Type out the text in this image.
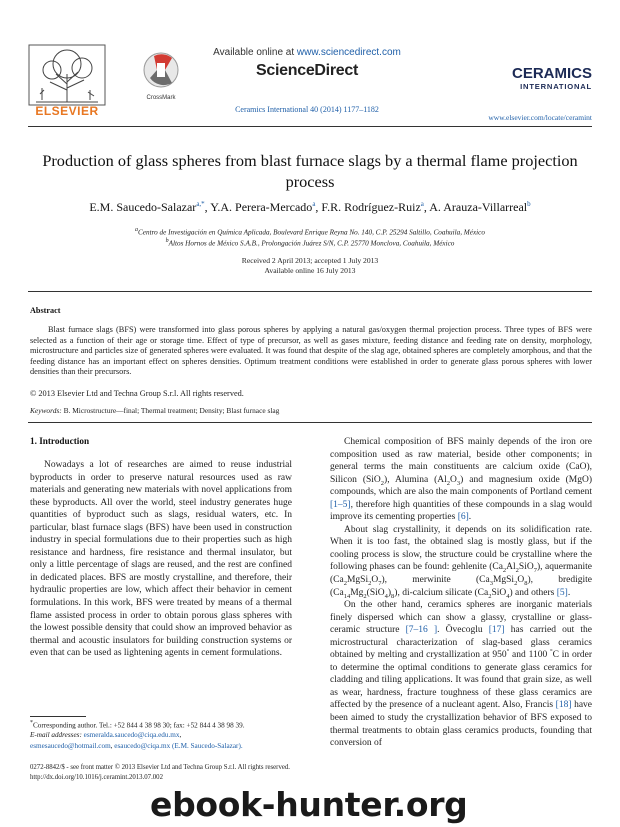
ELSEVIER
CrossMark
Available online at www.sciencedirect.com
ScienceDirect
Ceramics International 40 (2014) 1177–1182
CERAMICS
INTERNATIONAL
www.elsevier.com/locate/ceramint
Production of glass spheres from blast furnace slags by a thermal flame projection process
E.M. Saucedo-Salazar$^{a,*}$, Y.A. Perera-Mercado$^a$, F.R. Rodríguez-Ruiz$^a$, A. Arauza-Villarreal$^b$
$^a$Centro de Investigación en Química Aplicada, Boulevard Enrique Reyna No. 140, C.P. 25294 Saltillo, Coahuila, México
$^b$Altos Hornos de México S.A.B., Prolongación Juárez S/N, C.P. 25770 Monclova, Coahuila, México
Received 2 April 2013; accepted 1 July 2013
Available online 16 July 2013
Abstract
Blast furnace slags (BFS) were transformed into glass porous spheres by applying a natural gas/oxygen thermal projection process. Three types of BFS were selected as a function of their age or storage time. Effect of type of precursor, as well as gases mixture, feeding distance and feeding rate on density, morphology, microstructure and particles size of generated spheres were evaluated. It was found that despite of the slag age, obtained spheres are completely amorphous, and that the feeding distance has an important effect on spheres densities. Optimum treatment conditions were established in order to generate glass porous spheres with lower densities than their precursors.
© 2013 Elsevier Ltd and Techna Group S.r.l. All rights reserved.
Keywords: B. Microstructure—final; Thermal treatment; Density; Blast furnace slag
1. Introduction

Nowadays a lot of researches are aimed to reuse industrial byproducts in order to preserve natural resources used as raw materials and generating new materials with novel applications from these byproducts. All over the world, steel industry generates huge quantities of byproduct such as slags, residual waters, etc. In particular, blast furnace slags (BFS) have been used in construction industry in special formulations due to their properties such as high resistance and hardness, fire resistance and thermal insulator, but only a little percentage of slags are reused, and the rest are confined in dedicated places. BFS are mostly crystalline, and therefore, their hydraulic properties are low, which affect their behavior in cement formulations. In this work, BFS were treated by means of a thermal flame assisted process in order to obtain porous glass spheres with the lowest possible density that could show an improved behavior as thermal and acoustic insulators for building construction systems or even that can be used as lightening agents in cement formulations.

Chemical composition of BFS mainly depends of the iron ore composition used as raw material, beside other components; in general terms the main constituents are calcium oxide (CaO), Silicon (SiO$_2$), Alumina $(Al_2O_3)$ and magnesium oxide (MgO) compounds, which are also the main components of Portland cement [1–5], therefore high quantities of these compounds in a slag would improve its cementing properties [6].

About slag crystallinity, it depends on its solidification rate. When it is too fast, the obtained slag is mostly glass, but if the cooling process is slow, the structure could be crystalline where the following phases can be found: gehlenite $(Ca_2Al_2SiO_7)$, aquermanite $(Ca_2MgSi_2O_7)$, merwinite $(Ca_3MgSi_2O_8)$, bredigite $(Ca_{14}Mg_2(SiO_4)_8)$, di-calcium silicate $(Ca_2SiO_4)$ and others [5].

On the other hand, ceramics spheres are inorganic materials finely dispersed which can show a glassy, crystalline or glass-ceramic structure [7–16 ]. Övecoglu [17] has carried out the microstructural characterization of slag-based glass ceramics obtained by melting and crystallization at 950° and 1100 °C in order to determine the optimal conditions to generate glass ceramics for cladding and tiling applications. It was found that grain size, as well as wear, hardness, fracture toughness of these glass ceramics are affected by the presence of a nucleant agent. Also, Francis [18] have been aimed to study the crystallization behavior of BFS exposed to thermal treatments to obtain glass ceramics products, founding that conversion of

*Corresponding author. Tel.: +52 844 4 38 98 30; fax: +52 844 4 38 98 39.
E-mail addresses: esmeralda.saucedo@ciqa.edu.mx,
esmesaucedo@hotmail.com, esaucedo@ciqa.mx (E.M. Saucedo-Salazar).
0272-8842/$ - see front matter © 2013 Elsevier Ltd and Techna Group S.r.l. All rights reserved.
http://dx.doi.org/10.1016/j.ceramint.2013.07.002
ebook-hunter.org
